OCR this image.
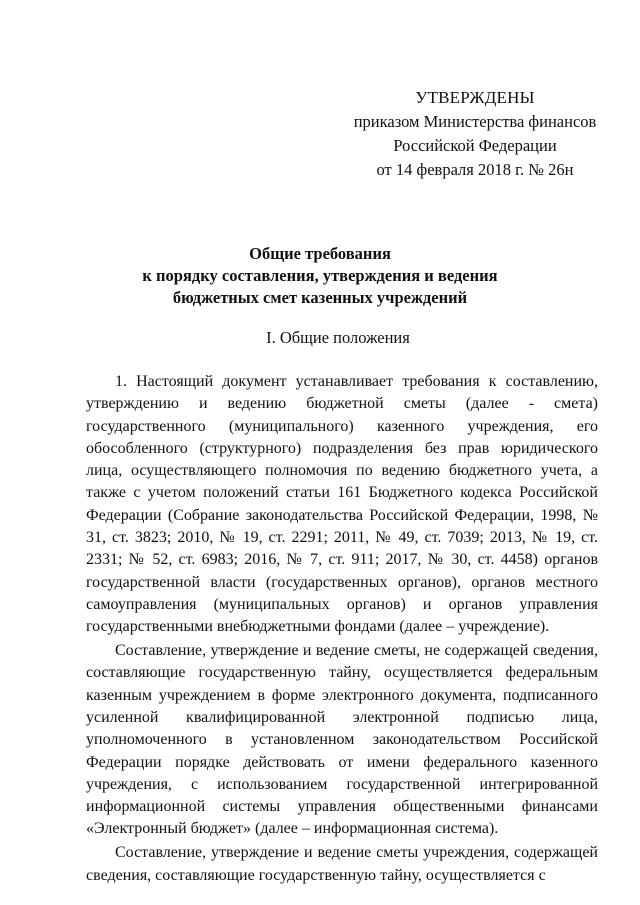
УТВЕРЖДЕНЫ
приказом Министерства финансов
Российской Федерации
от 14 февраля 2018 г. № 26н
Общие требования
к порядку составления, утверждения и ведения
бюджетных смет казенных учреждений
I. Общие положения

1. Настоящий документ устанавливает требования к составлению, утверждению и ведению бюджетной сметы (далее - смета) государственного (муниципального) казенного учреждения, его обособленного (структурного) подразделения без прав юридического лица, осуществляющего полномочия по ведению бюджетного учета, а также с учетом положений статьи 161 Бюджетного кодекса Российской Федерации (Собрание законодательства Российской Федерации, 1998, № 31, ст. 3823; 2010, № 19, ст. 2291; 2011, № 49, ст. 7039; 2013, № 19, ст. 2331; № 52, ст. 6983; 2016, № 7, ст. 911; 2017, № 30, ст. 4458) органов государственной власти (государственных органов), органов местного самоуправления (муниципальных органов) и органов управления государственными внебюджетными фондами (далее – учреждение).

Составление, утверждение и ведение сметы, не содержащей сведения, составляющие государственную тайну, осуществляется федеральным казенным учреждением в форме электронного документа, подписанного усиленной квалифицированной электронной подписью лица, уполномоченного в установленном законодательством Российской Федерации порядке действовать от имени федерального казенного учреждения, с использованием государственной интегрированной информационной системы управления общественными финансами «Электронный бюджет» (далее – информационная система).

Составление, утверждение и ведение сметы учреждения, содержащей сведения, составляющие государственную тайну, осуществляется с
